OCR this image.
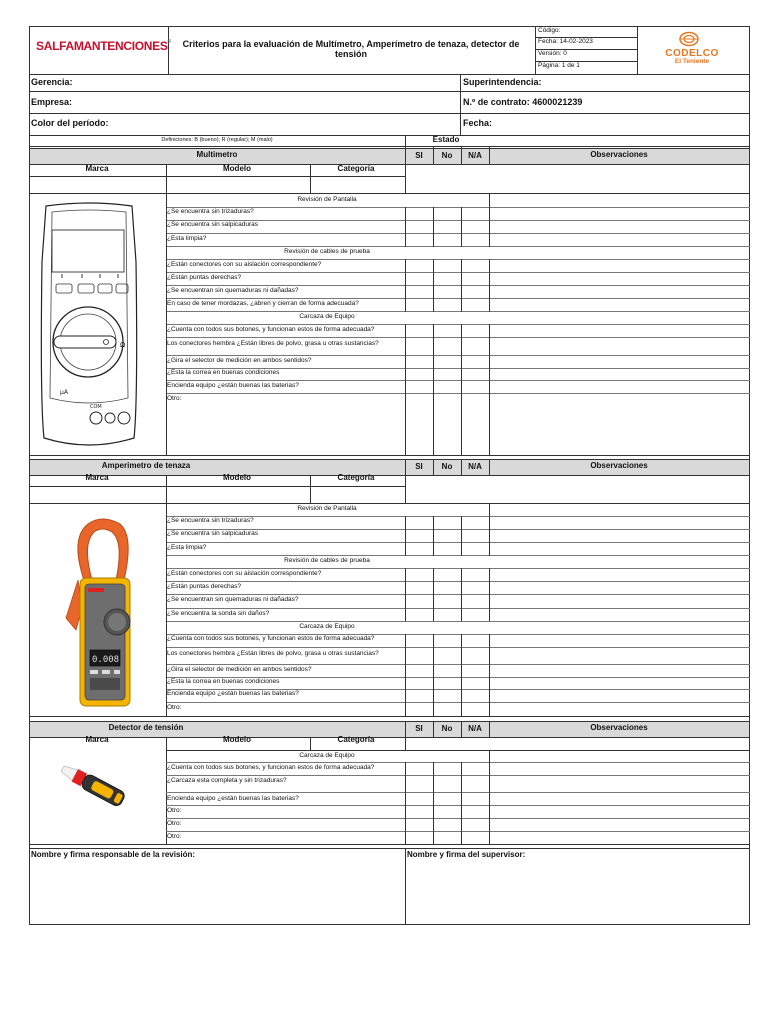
SALFAMANTENCIONES® Criterios para la evaluación de Multímetro, Amperímetro de tenaza, detector de
tensión
Código:
Fecha: 14-02-2023
Versión: 0
Página: 1 de 1
CODELCO
El Teniente
Gerencia:	Superintendencia:
Empresa:	N.º de contrato: 4600021239
Color del período:	Fecha:
Definiciones: B (bueno); R (regular); M (malo)	Estado
Multimetro	SI No N/A	Observaciones
Marca	Modelo	Categoría
Revisión de Pantalla
¿Se encuentra sin trizaduras?
¿Se encuentra sin salpicaduras
¿Esta limpia?
Revisión de cables de prueba
¿Están conectores con su aislación correspondiente?
¿Están puntas derechas?
¿Se encuentran sin quemaduras ni dañadas?
En caso de tener mordazas, ¿abren y cierran de forma adecuada?
Carcaza de Equipo
¿Cuenta con todos sus botones, y funcionan estos de forma adecuada?
Los conectores hembra ¿Están libres de polvo, grasa u otras sustancias?
¿Gira el selector de medición en ambos sentidos?
¿Esta la correa en buenas condiciones
Encienda equipo ¿están buenas las baterias?
Otro:
Ω
μA
COM
Amperimetro de tenaza	SI No N/A	Observaciones
Marca	Modelo	Categoría
Revisión de Pantalla
¿Se encuentra sin trizaduras?
¿Se encuentra sin salpicaduras
¿Esta limpia?
Revisión de cables de prueba
¿Están conectores con su aislación correspondiente?
¿Están puntas derechas?
¿Se encuentran sin quemaduras ni dañadas?
¿Se encuentra la sonda sin daños?
Carcaza de Equipo
¿Cuenta con todos sus botones, y funcionan estos de forma adecuada?
Los conectores hembra ¿Están libres de polvo, grasa u otras sustancias?
¿Gira el selector de medición en ambos sentidos?
¿Esta la correa en buenas condiciones
Encienda equipo ¿están buenas las baterias?
Otro:
0.008
Detector de tensión	SI No N/A	Observaciones
Marca	Modelo	Categoría
Carcaza de Equipo
¿Cuenta con todos sus botones, y funcionan estos de forma adecuada?
¿Carcaza esta completa y sin trizaduras?
Encienda equipo ¿están buenas las baterias?
Otro:
Otro:
Otro:
Nombre y firma responsable de la revisión:	Nombre y firma del supervisor:
